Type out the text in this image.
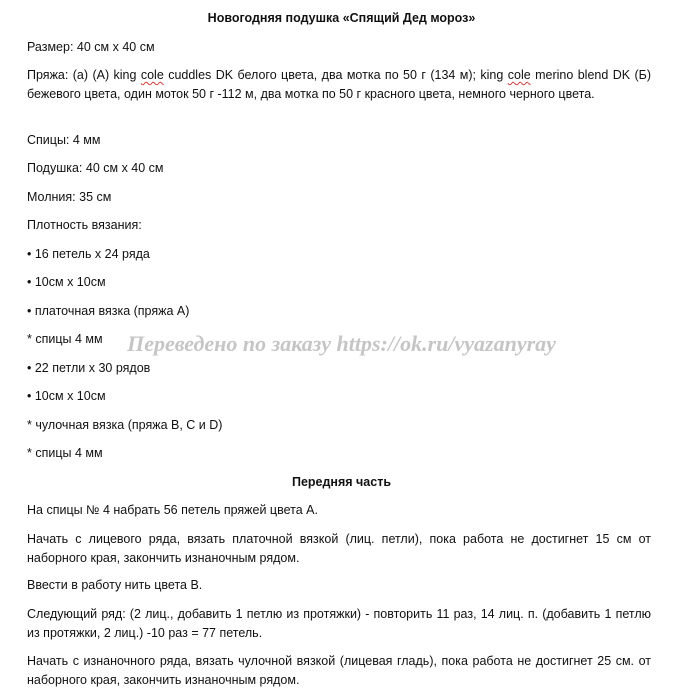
Новогодняя подушка «Спящий Дед мороз»
Размер: 40 см х 40 см
Пряжа: (а) (A) king cole cuddles DK белого цвета, два мотка по 50 г (134 м); king cole merino blend DK (Б) бежевого цвета, один моток 50 г -112 м, два мотка по 50 г красного цвета, немного черного цвета.
Спицы: 4 мм
Подушка: 40 см х 40 см
Молния: 35 см
Плотность вязания:
• 16 петель х 24 ряда
• 10см х 10см
• платочная вязка (пряжа А)
* спицы 4 мм
• 22 петли х 30 рядов
• 10см х 10см
* чулочная вязка (пряжа B, C и D)
* спицы 4 мм
Переведено по заказу https://ok.ru/vyazanyray
Передняя часть
На спицы № 4 набрать 56 петель пряжей цвета А.
Начать с лицевого ряда, вязать платочной вязкой (лиц. петли), пока работа не достигнет 15 см от наборного края, закончить изнаночным рядом.
Ввести в работу нить цвета В.
Следующий ряд: (2 лиц., добавить 1 петлю из протяжки) - повторить 11 раз, 14 лиц. п. (добавить 1 петлю из протяжки, 2 лиц.) -10 раз = 77 петель.
Начать с изнаночного ряда, вязать чулочной вязкой (лицевая гладь), пока работа не достигнет 25 см. от наборного края, закончить изнаночным рядом.
